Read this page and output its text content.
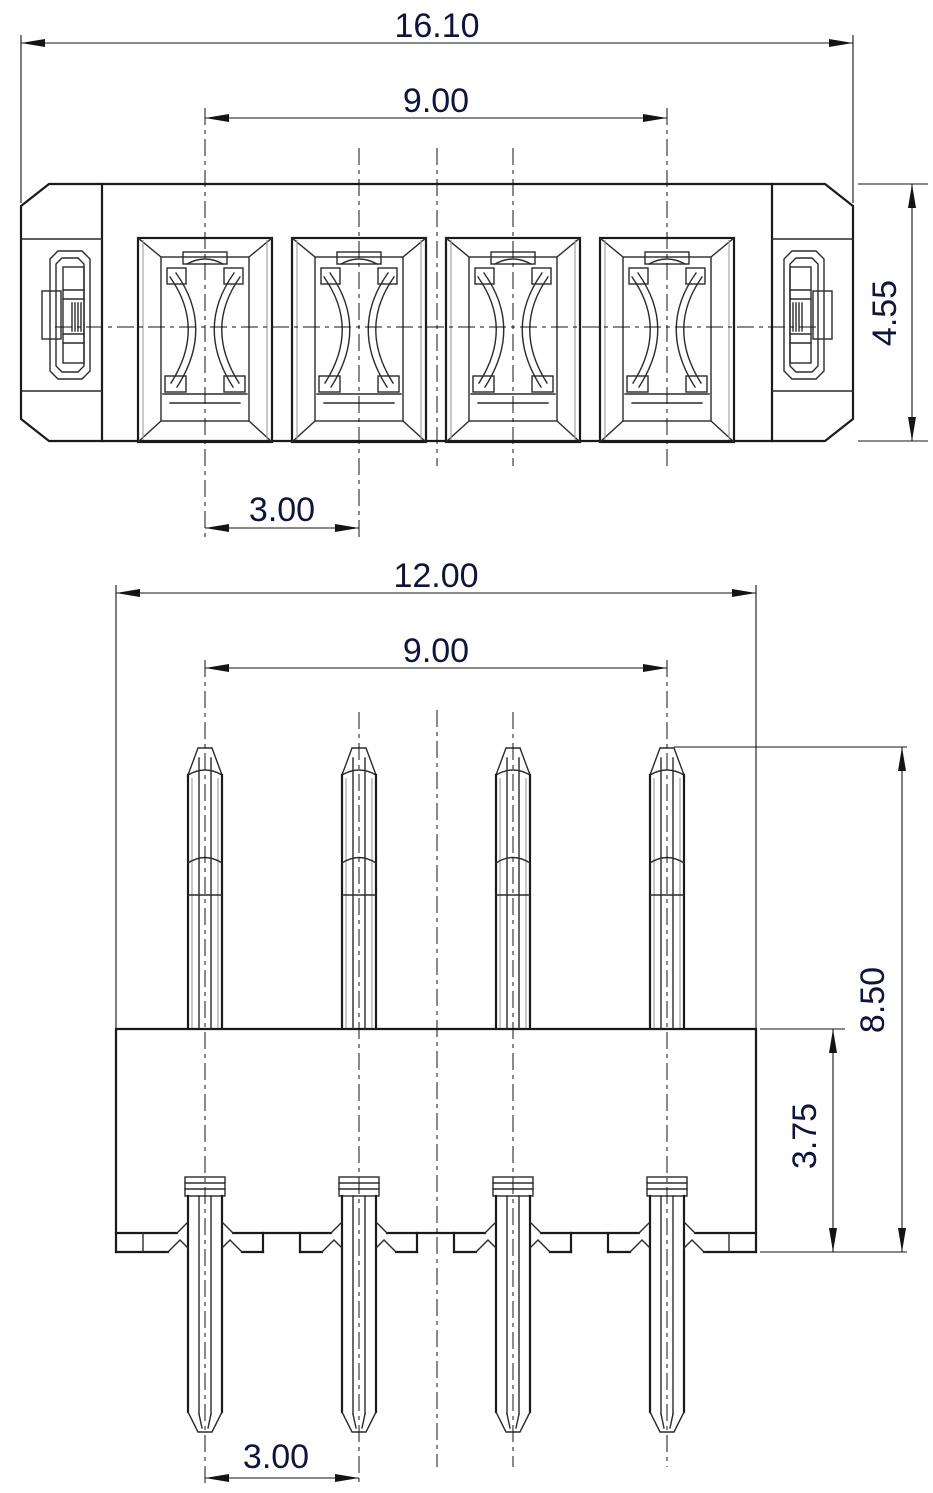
16.10
9.00
4.55
3.00
12.00
9.00
8.50
3.75
3.00
